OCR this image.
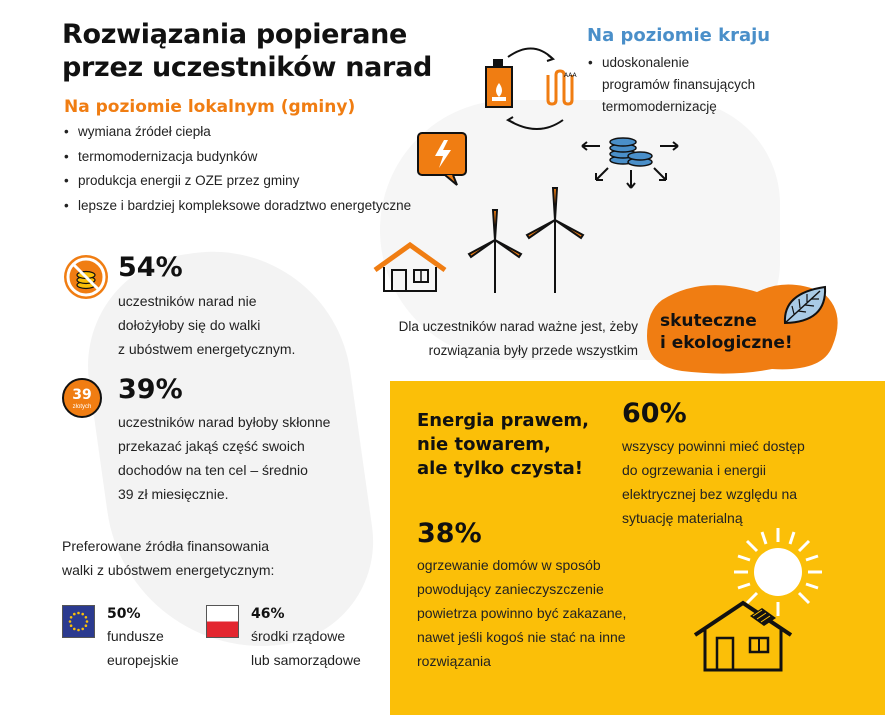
Rozwiązania popierane
przez uczestników narad
Na poziomie lokalnym (gminy)
• wymiana źródeł ciepła
• termomodernizacja budynków
• produkcja energii z OZE przez gminy
• lepsze i bardziej kompleksowe doradztwo energetyczne
Na poziomie kraju
• udoskonalenie
programów finansujących
termomodernizację
AAA
54%
uczestników narad nie
dołożyłoby się do walki
z ubóstwem energetycznym.
39
złotych
39%
uczestników narad byłoby skłonne
przekazać jakąś część swoich
dochodów na ten cel – średnio
39 zł miesięcznie.
Preferowane źródła finansowania
walki z ubóstwem energetycznym:
50%
fundusze
europejskie
46%
środki rządowe
lub samorządowe
Dla uczestników narad ważne jest, żeby
rozwiązania były przede wszystkim
skuteczne
i ekologiczne!
Energia prawem,
nie towarem,
ale tylko czysta!
60%
wszyscy powinni mieć dostęp
do ogrzewania i energii
elektrycznej bez względu na
sytuację materialną
38%
ogrzewanie domów w sposób
powodujący zanieczyszczenie
powietrza powinno być zakazane,
nawet jeśli kogoś nie stać na inne
rozwiązania
